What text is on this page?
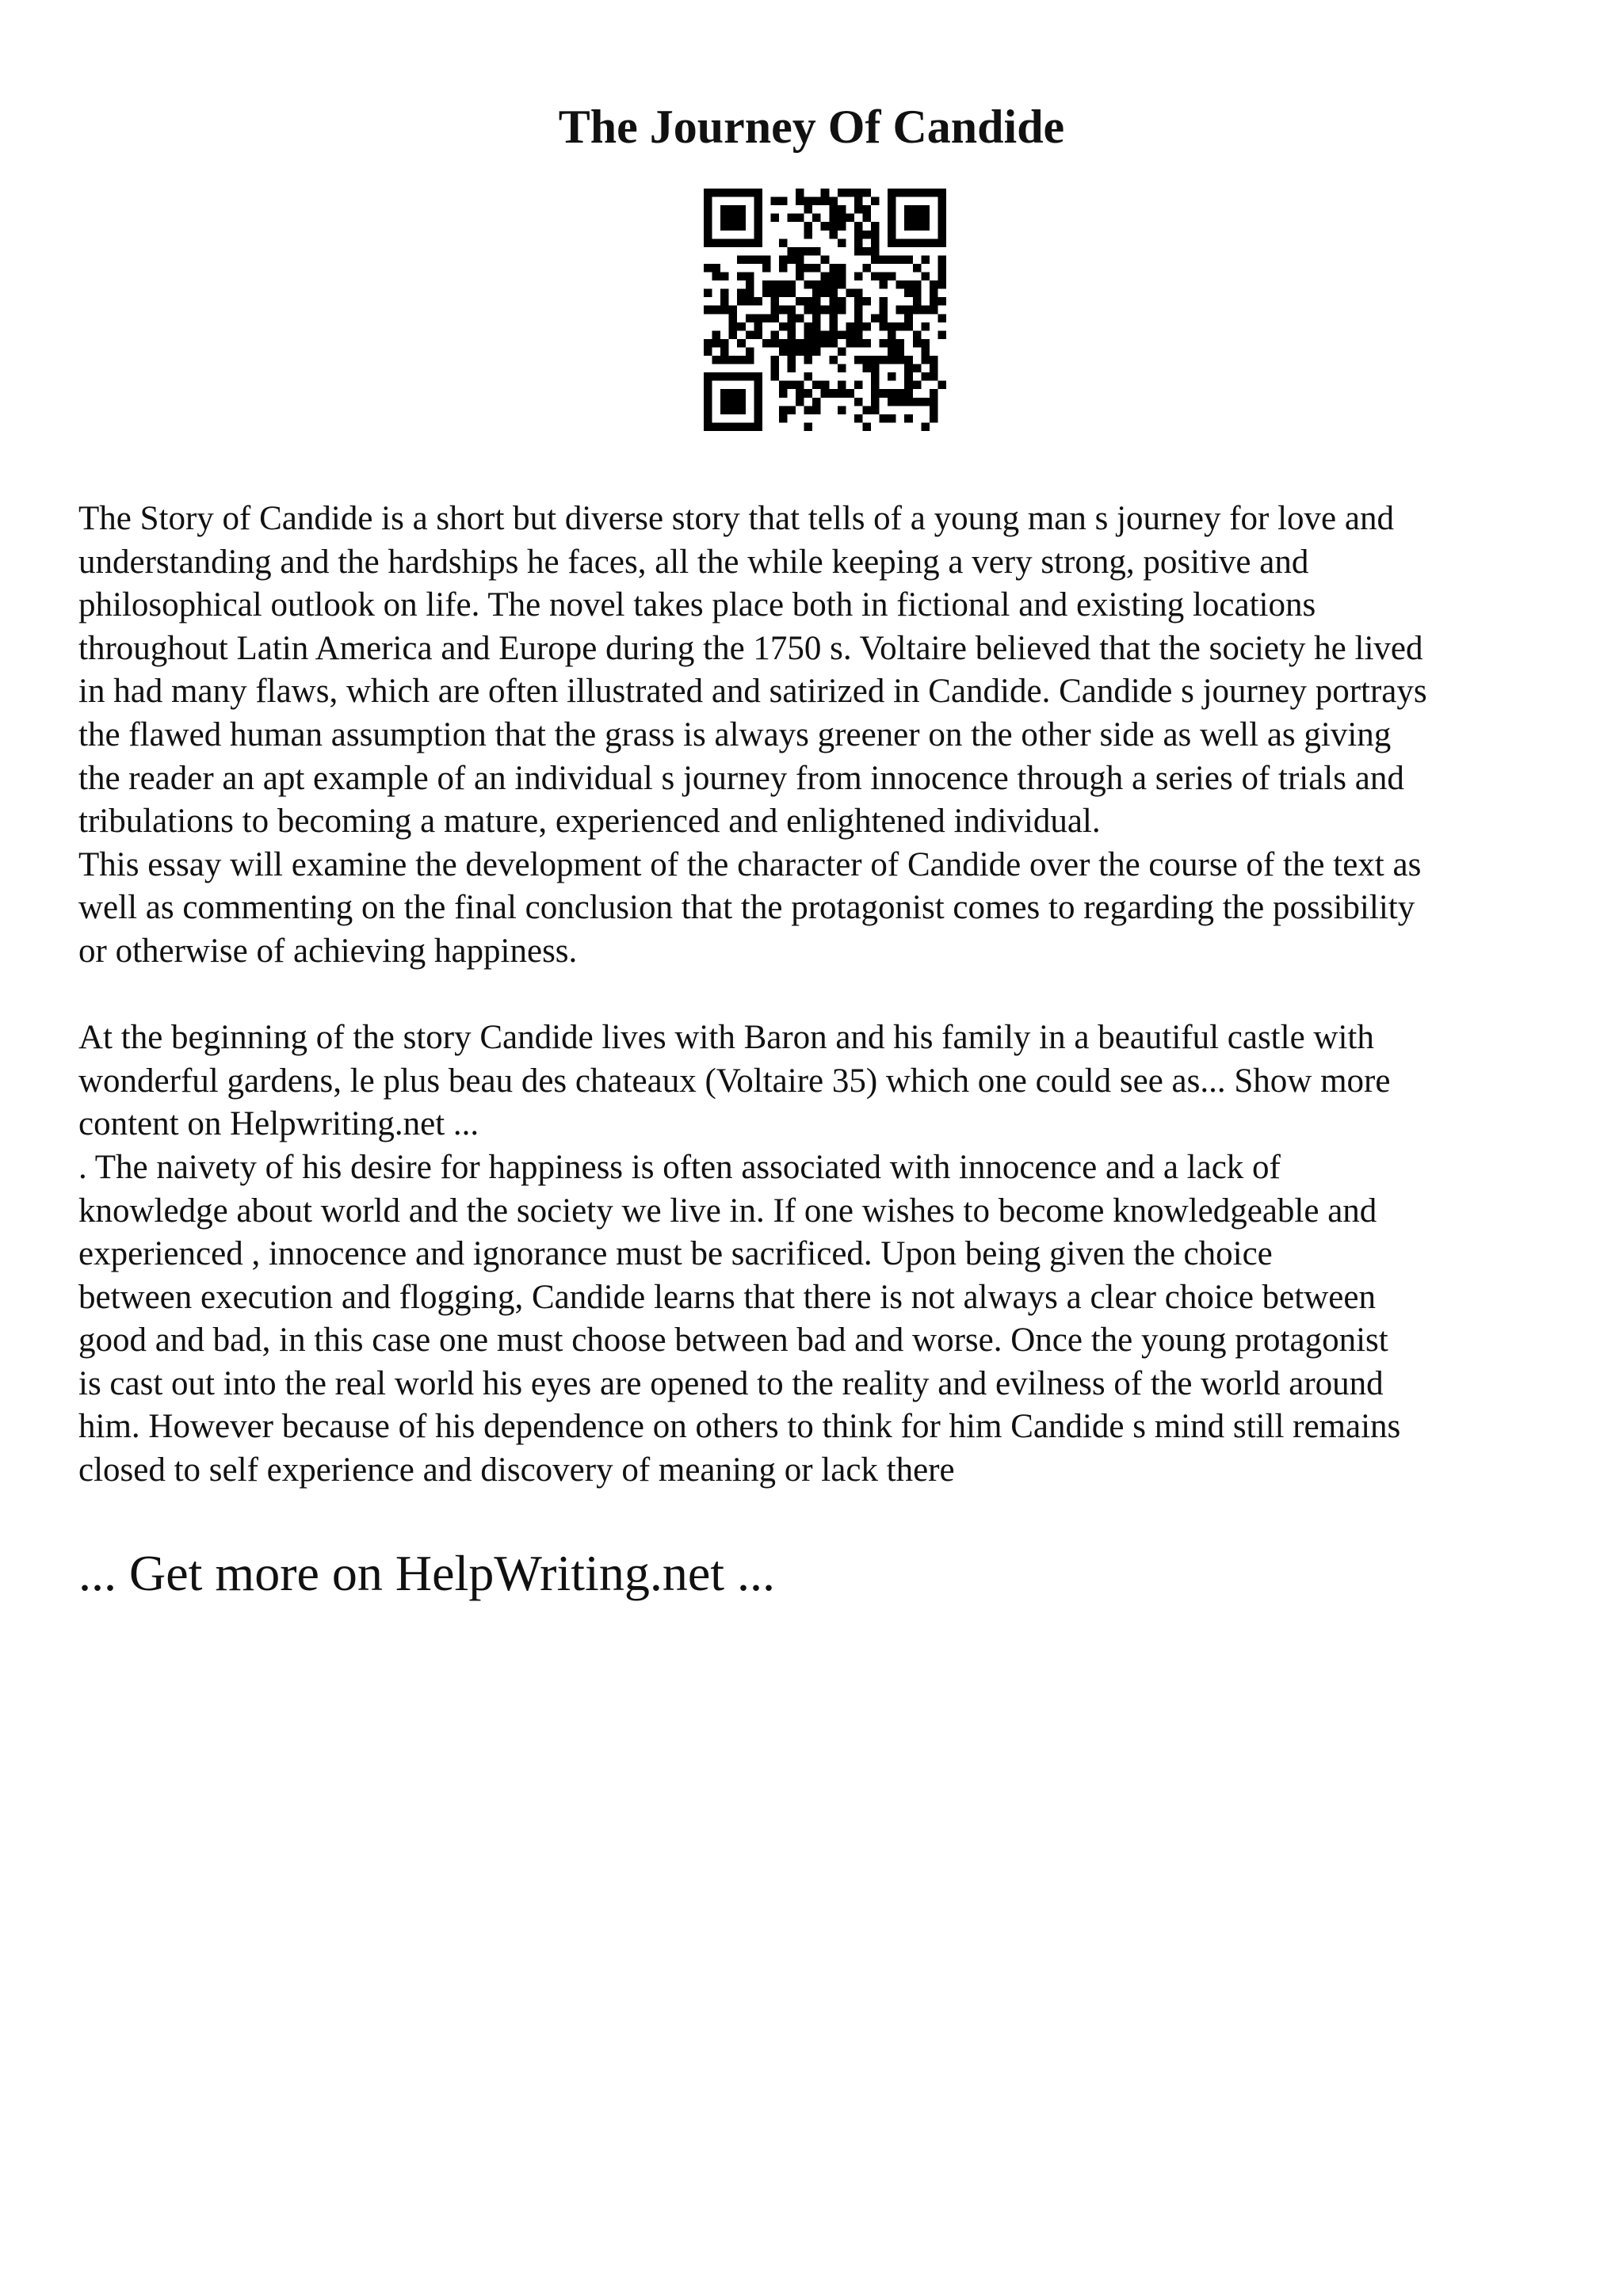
The Journey Of Candide

The Story of Candide is a short but diverse story that tells of a young man s journey for love and

understanding and the hardships he faces, all the while keeping a very strong, positive and

philosophical outlook on life. The novel takes place both in fictional and existing locations

throughout Latin America and Europe during the 1750 s. Voltaire believed that the society he lived

in had many flaws, which are often illustrated and satirized in Candide. Candide s journey portrays

the flawed human assumption that the grass is always greener on the other side as well as giving

the reader an apt example of an individual s journey from innocence through a series of trials and

tribulations to becoming a mature, experienced and enlightened individual.

This essay will examine the development of the character of Candide over the course of the text as

well as commenting on the final conclusion that the protagonist comes to regarding the possibility

or otherwise of achieving happiness.

At the beginning of the story Candide lives with Baron and his family in a beautiful castle with

wonderful gardens, le plus beau des chateaux (Voltaire 35) which one could see as... Show more

content on Helpwriting.net ...

. The naivety of his desire for happiness is often associated with innocence and a lack of

knowledge about world and the society we live in. If one wishes to become knowledgeable and

experienced , innocence and ignorance must be sacrificed. Upon being given the choice

between execution and flogging, Candide learns that there is not always a clear choice between

good and bad, in this case one must choose between bad and worse. Once the young protagonist

is cast out into the real world his eyes are opened to the reality and evilness of the world around

him. However because of his dependence on others to think for him Candide s mind still remains

closed to self experience and discovery of meaning or lack there

... Get more on HelpWriting.net ...
